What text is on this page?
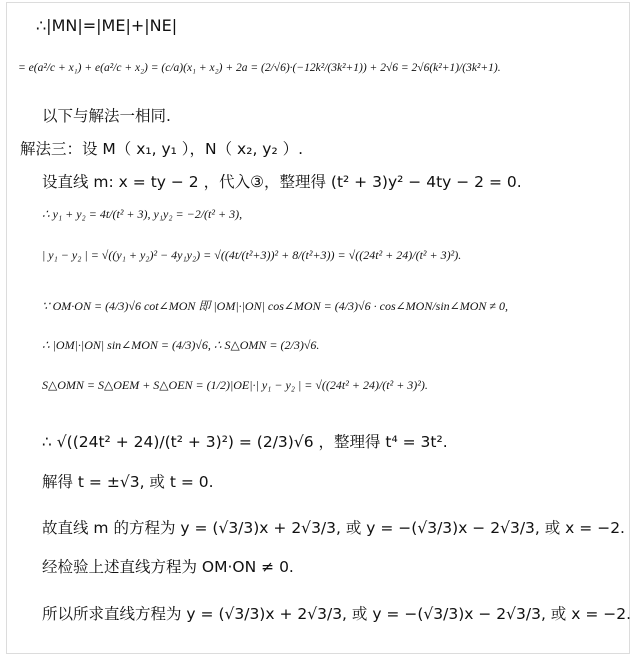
∴|MN|=|ME|+|NE|
= e(a²/c + x₁) + e(a²/c + x₂) = (c/a)(x₁ + x₂) + 2a = (2/√6)·(−12k²/(3k²+1)) + 2√6 = 2√6(k²+1)/(3k²+1).
以下与解法一相同.
解法三：设 M（ x₁, y₁ ），N（ x₂, y₂ ）.
设直线 m: x = ty − 2 ，代入③，整理得 (t² + 3)y² − 4ty − 2 = 0.
∴ y₁ + y₂ = 4t/(t² + 3), y₁y₂ = −2/(t² + 3),
| y₁ − y₂ | = √((y₁ + y₂)² − 4y₁y₂) = √((4t/(t²+3))² + 8/(t²+3)) = √((24t² + 24)/(t² + 3)²).
∵ OM·ON = (4/3)√6 cot∠MON 即 |OM|·|ON| cos∠MON = (4/3)√6 · cos∠MON/sin∠MON ≠ 0,
∴ |OM|·|ON| sin∠MON = (4/3)√6, ∴ S△OMN = (2/3)√6.
S△OMN = S△OEM + S△OEN = (1/2)|OE|·| y₁ − y₂ | = √((24t² + 24)/(t² + 3)²).
∴ √((24t² + 24)/(t² + 3)²) = (2/3)√6 ，整理得 t⁴ = 3t².
解得 t = ±√3, 或 t = 0.
故直线 m 的方程为 y = (√3/3)x + 2√3/3, 或 y = −(√3/3)x − 2√3/3, 或 x = −2.
经检验上述直线方程为 OM·ON ≠ 0.
所以所求直线方程为 y = (√3/3)x + 2√3/3, 或 y = −(√3/3)x − 2√3/3, 或 x = −2.
